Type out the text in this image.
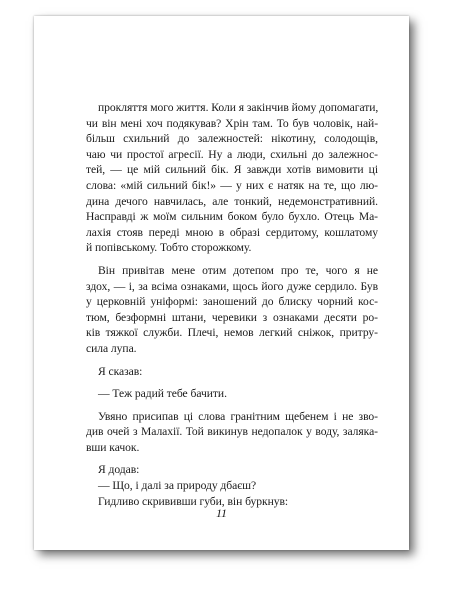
прокляття мого життя. Коли я закінчив йому допомагати,
чи він мені хоч подякував? Хрін там. То був чоловік, най-
більш схильний до залежностей: нікотину, солодощів,
чаю чи простої агресії. Ну а люди, схильні до залежнос-
тей, — це мій сильний бік. Я завжди хотів вимовити ці
слова: «мій сильний бік!» — у них є натяк на те, що лю-
дина дечого навчилась, але тонкий, недемонстративний.
Насправді ж моїм сильним боком було бухло. Отець Ма-
лахія стояв переді мною в образі сердитому, кошлатому
й попівському. Тобто сторожкому.

Він привітав мене отим дотепом про те, чого я не
здох, — і, за всіма ознаками, щось його дуже сердило. Був
у церковній уніформі: заношений до блиску чорний кос-
тюм, безформні штани, черевики з ознаками десяти ро-
ків тяжкої служби. Плечі, немов легкий сніжок, притру-
сила лупа.

Я сказав:

— Теж радий тебе бачити.

Увяно присипав ці слова гранітним щебенем і не зво-
див очей з Малахії. Той викинув недопалок у воду, заляка-
вши качок.

Я додав:

— Що, і далі за природу дбаєш?

Гидливо скрививши губи, він буркнув:

11
